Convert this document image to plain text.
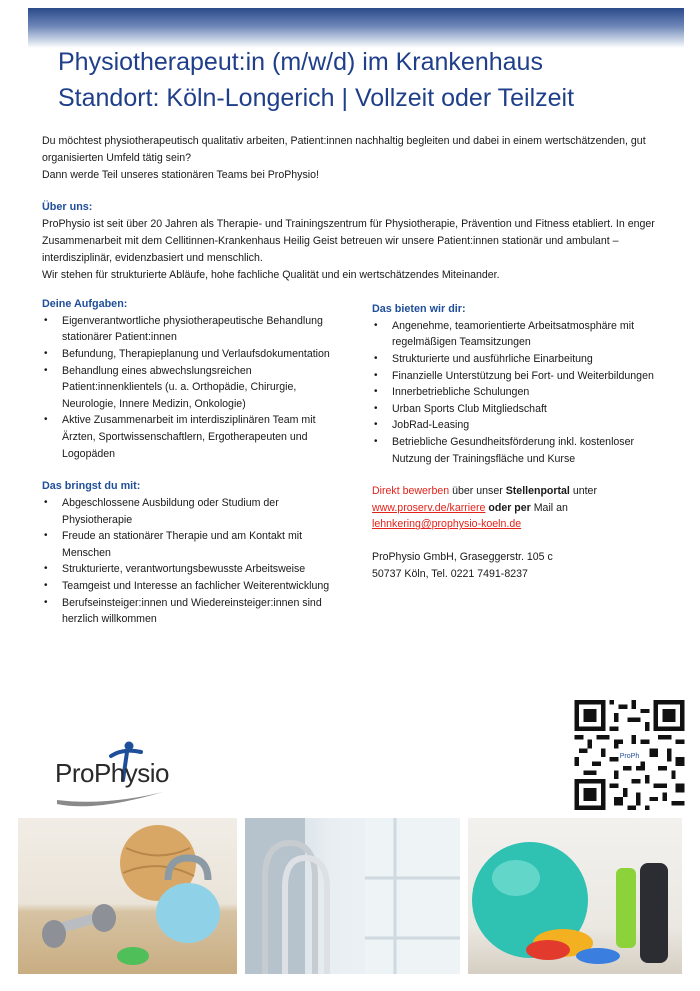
Physiotherapeut:in (m/w/d) im Krankenhaus
Standort: Köln-Longerich | Vollzeit oder Teilzeit

Du möchtest physiotherapeutisch qualitativ arbeiten, Patient:innen nachhaltig begleiten und dabei in einem wertschätzenden, gut organisierten Umfeld tätig sein?

Dann werde Teil unseres stationären Teams bei ProPhysio!

Über uns:

ProPhysio ist seit über 20 Jahren als Therapie- und Trainingszentrum für Physiotherapie, Prävention und Fitness etabliert. In enger Zusammenarbeit mit dem Cellitinnen-Krankenhaus Heilig Geist betreuen wir unsere Patient:innen stationär und ambulant – interdisziplinär, evidenzbasiert und menschlich.

Wir stehen für strukturierte Abläufe, hohe fachliche Qualität und ein wertschätzendes Miteinander.

Deine Aufgaben:

• Eigenverantwortliche physiotherapeutische Behandlung stationärer Patient:innen
• Befundung, Therapieplanung und Verlaufsdokumentation
• Behandlung eines abwechslungsreichen Patient:innenklientels (u. a. Orthopädie, Chirurgie, Neurologie, Innere Medizin, Onkologie)
• Aktive Zusammenarbeit im interdisziplinären Team mit Ärzten, Sportwissenschaftlern, Ergotherapeuten und Logopäden

Das bringst du mit:

• Abgeschlossene Ausbildung oder Studium der Physiotherapie
• Freude an stationärer Therapie und am Kontakt mit Menschen
• Strukturierte, verantwortungsbewusste Arbeitsweise
• Teamgeist und Interesse an fachlicher Weiterentwicklung
• Berufseinsteiger:innen und Wiedereinsteiger:innen sind herzlich willkommen

Das bieten wir dir:

• Angenehme, teamorientierte Arbeitsatmosphäre mit regelmäßigen Teamsitzungen
• Strukturierte und ausführliche Einarbeitung
• Finanzielle Unterstützung bei Fort- und Weiterbildungen
• Innerbetriebliche Schulungen
• Urban Sports Club Mitgliedschaft
• JobRad-Leasing
• Betriebliche Gesundheitsförderung inkl. kostenloser Nutzung der Trainingsfläche und Kurse
Direkt bewerben über unser Stellenportal unter
www.proserv.de/karriere oder per Mail an
lehnkering@prophysio-koeln.de
ProPhysio GmbH, Graseggerstr. 105 c
50737 Köln, Tel. 0221 7491-8237
ProPhysio
ProPh
